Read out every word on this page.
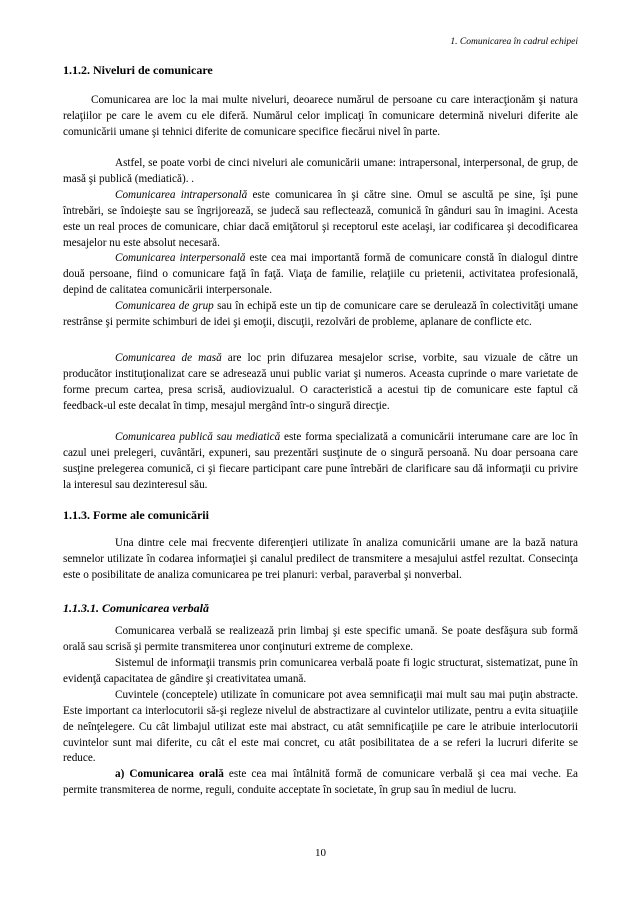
1. Comunicarea în cadrul echipei
1.1.2. Niveluri de comunicare

Comunicarea are loc la mai multe niveluri, deoarece numărul de persoane cu care interacţionăm şi natura relaţiilor pe care le avem cu ele diferă. Numărul celor implicaţi în comunicare determină niveluri diferite ale comunicării umane şi tehnici diferite de comunicare specifice fiecărui nivel în parte.

Astfel, se poate vorbi de cinci niveluri ale comunicării umane: intrapersonal, interpersonal, de grup, de masă şi publică (mediatică). .

Comunicarea intrapersonală este comunicarea în şi către sine. Omul se ascultă pe sine, îşi pune întrebări, se îndoieşte sau se îngrijorează, se judecă sau reflectează, comunică în gânduri sau în imagini. Acesta este un real proces de comunicare, chiar dacă emiţătorul şi receptorul este acelaşi, iar codificarea şi decodificarea mesajelor nu este absolut necesară.

Comunicarea interpersonală este cea mai importantă formă de comunicare constă în dialogul dintre două persoane, fiind o comunicare faţă în faţă. Viaţa de familie, relaţiile cu prietenii, activitatea profesională, depind de calitatea comunicării interpersonale.

Comunicarea de grup sau în echipă este un tip de comunicare care se derulează în colectivităţi umane restrânse şi permite schimburi de idei şi emoţii, discuţii, rezolvări de probleme, aplanare de conflicte etc.

Comunicarea de masă are loc prin difuzarea mesajelor scrise, vorbite, sau vizuale de către un producător instituţionalizat care se adresează unui public variat şi numeros. Aceasta cuprinde o mare varietate de forme precum cartea, presa scrisă, audiovizualul. O caracteristică a acestui tip de comunicare este faptul că feedback-ul este decalat în timp, mesajul mergând într-o singură direcţie.

Comunicarea publică sau mediatică este forma specializată a comunicării interumane care are loc în cazul unei prelegeri, cuvântări, expuneri, sau prezentări susţinute de o singură persoană. Nu doar persoana care susţine prelegerea comunică, ci şi fiecare participant care pune întrebări de clarificare sau dă informaţii cu privire la interesul sau dezinteresul său.

1.1.3. Forme ale comunicării

Una dintre cele mai frecvente diferenţieri utilizate în analiza comunicării umane are la bază natura semnelor utilizate în codarea informaţiei şi canalul predilect de transmitere a mesajului astfel rezultat. Consecinţa este o posibilitate de analiza comunicarea pe trei planuri: verbal, paraverbal şi nonverbal.

1.1.3.1. Comunicarea verbală

Comunicarea verbală se realizează prin limbaj şi este specific umană. Se poate desfăşura sub formă orală sau scrisă şi permite transmiterea unor conţinuturi extreme de complexe.

Sistemul de informaţii transmis prin comunicarea verbală poate fi logic structurat, sistematizat, pune în evidenţă capacitatea de gândire şi creativitatea umană.

Cuvintele (conceptele) utilizate în comunicare pot avea semnificaţii mai mult sau mai puţin abstracte. Este important ca interlocutorii să-şi regleze nivelul de abstractizare al cuvintelor utilizate, pentru a evita situaţiile de neînţelegere. Cu cât limbajul utilizat este mai abstract, cu atât semnificaţiile pe care le atribuie interlocutorii cuvintelor sunt mai diferite, cu cât el este mai concret, cu atât posibilitatea de a se referi la lucruri diferite se reduce.

a) Comunicarea orală este cea mai întâlnită formă de comunicare verbală şi cea mai veche. Ea permite transmiterea de norme, reguli, conduite acceptate în societate, în grup sau în mediul de lucru.

10
